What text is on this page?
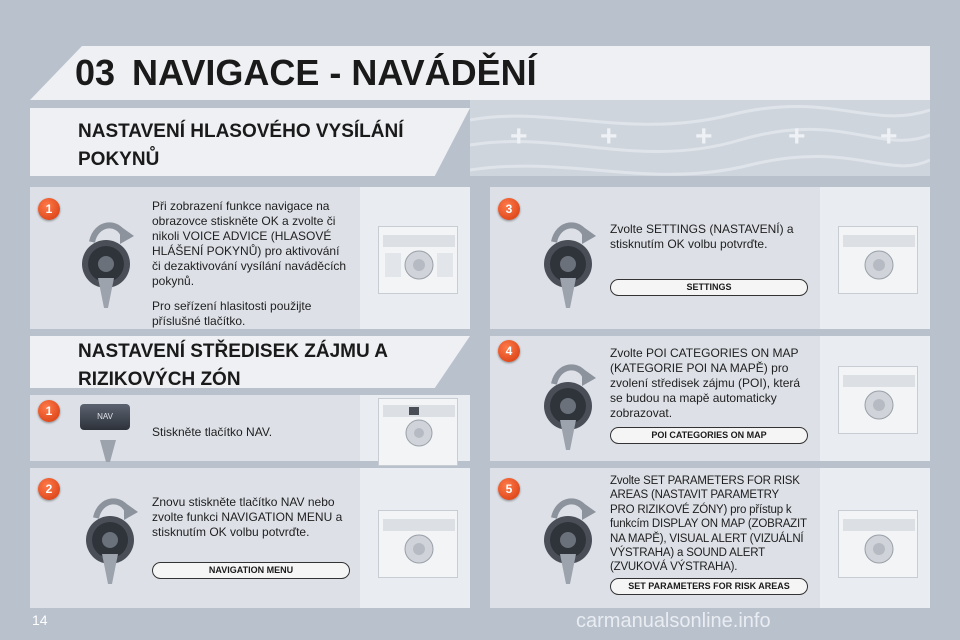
03 NAVIGACE - NAVÁDĚNÍ
+ +	+	+ +
NASTAVENÍ HLASOVÉHO VYSÍLÁNÍ
POKYNŮ
1	Při zobrazení funkce navigace na
obrazovce stiskněte OK a zvolte či
nikoli VOICE ADVICE (HLASOVÉ
HLÁŠENÍ POKYNŮ) pro aktivování
či dezaktivování vysílání naváděcích
pokynů.
Pro seřízení hlasitosti použijte
příslušné tlačítko.
NASTAVENÍ STŘEDISEK ZÁJMU A
RIZIKOVÝCH ZÓN
1	NAV
Stiskněte tlačítko NAV.
2
Znovu stiskněte tlačítko NAV nebo
zvolte funkci NAVIGATION MENU a
stisknutím OK volbu potvrďte.
NAVIGATION MENU
3
Zvolte SETTINGS (NASTAVENÍ) a
stisknutím OK volbu potvrďte.
SETTINGS
4	Zvolte POI CATEGORIES ON MAP
(KATEGORIE POI NA MAPĚ) pro
zvolení středisek zájmu (POI), která
se budou na mapě automaticky
zobrazovat.
POI CATEGORIES ON MAP
5
Zvolte SET PARAMETERS FOR RISK
AREAS (NASTAVIT PARAMETRY
PRO RIZIKOVÉ ZÓNY) pro přístup k
funkcím DISPLAY ON MAP (ZOBRAZIT
NA MAPĚ), VISUAL ALERT (VIZUÁLNÍ
VÝSTRAHA) a SOUND ALERT
(ZVUKOVÁ VÝSTRAHA).
SET PARAMETERS FOR RISK AREAS
14	carmanualsonline.info
